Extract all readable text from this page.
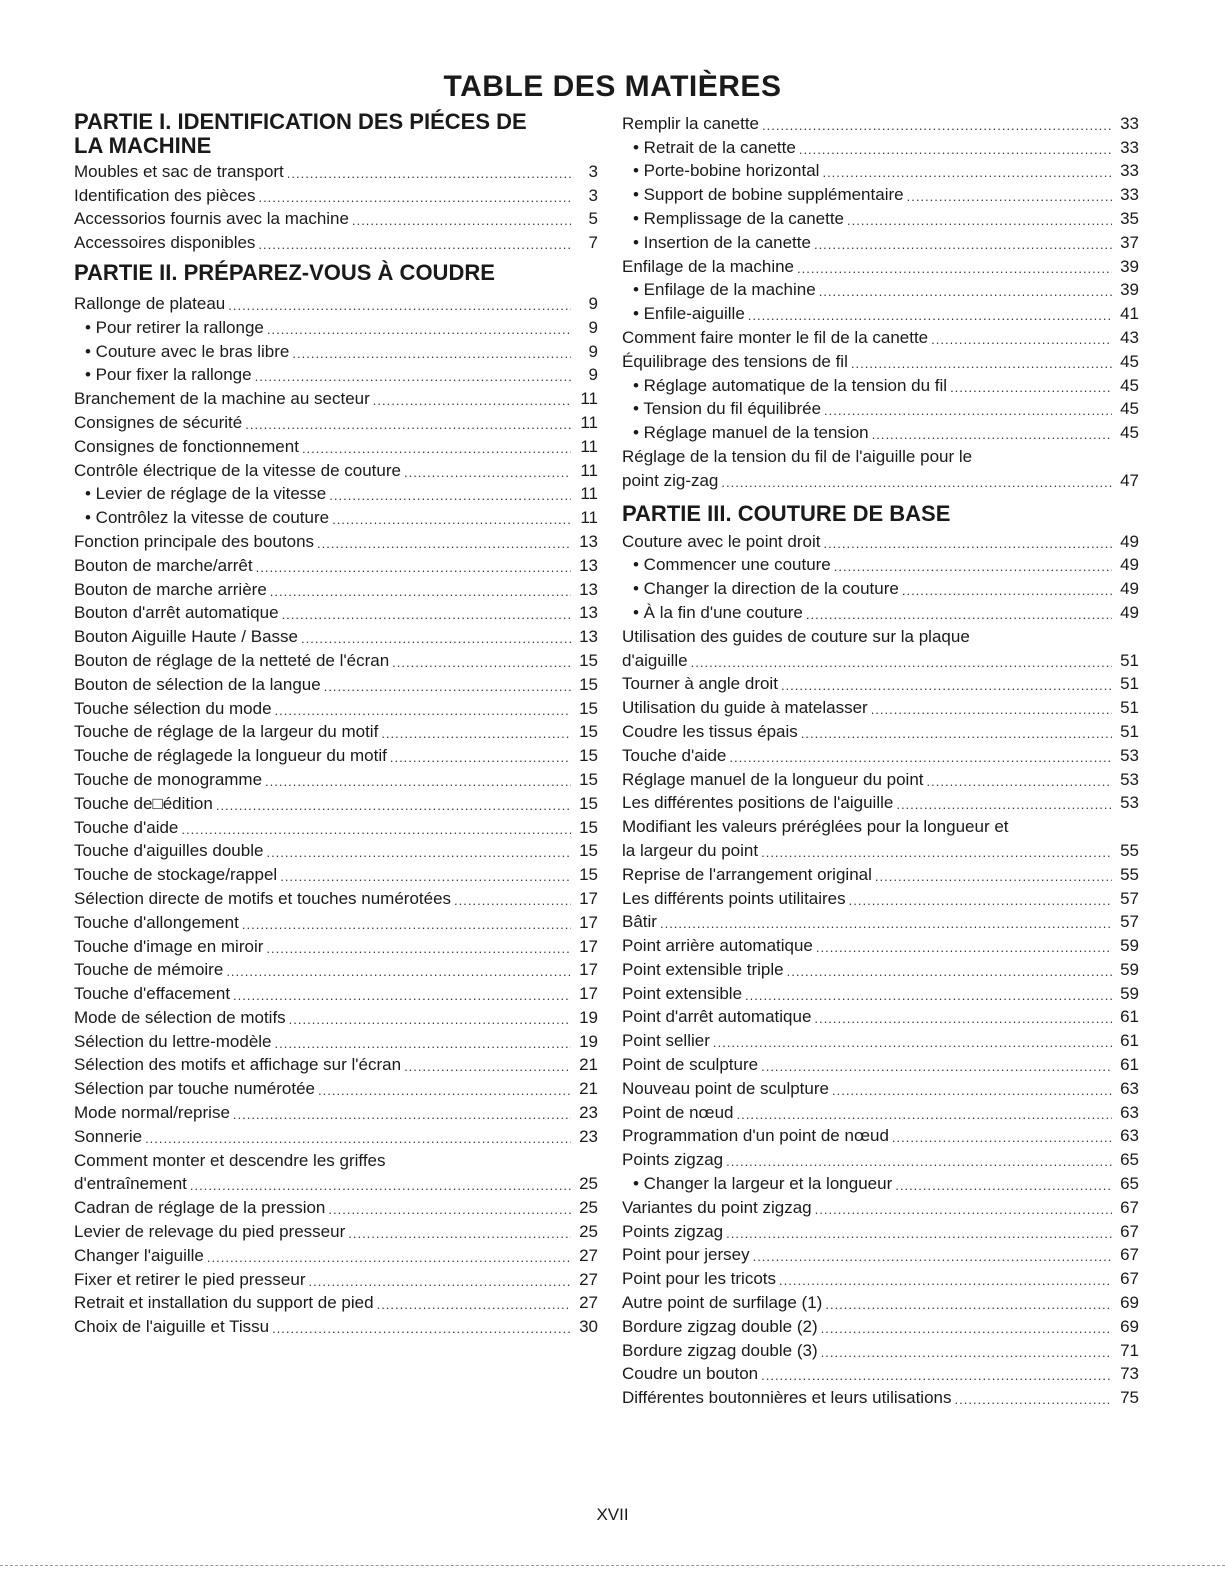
TABLE DES MATIÈRES
PARTIE I. IDENTIFICATION DES PIÉCES DE
LA MACHINE
Moubles et sac de transport .....	3
Identification des pièces .....	3
Accessorios fournis avec la machine .....	5
Accessoires disponibles .....	7
PARTIE II. PRÉPAREZ-VOUS À COUDRE
Rallonge de plateau .....	9
• Pour retirer la rallonge .....	9
• Couture avec le bras libre .....	9
• Pour fixer la rallonge .....	9
Branchement de la machine au secteur .....	11
Consignes de sécurité .....	11
Consignes de fonctionnement .....	11
Contrôle électrique de la vitesse de couture .....	11
• Levier de réglage de la vitesse .....	11
• Contrôlez la vitesse de couture .....	11
Fonction principale des boutons .....	13
Bouton de marche/arrêt .....	13
Bouton de marche arrière .....	13
Bouton d'arrêt automatique .....	13
Bouton Aiguille Haute / Basse .....	13
Bouton de réglage de la netteté de l'écran .....	15
Bouton de sélection de la langue .....	15
Touche sélection du mode .....	15
Touche de réglage de la largeur du motif .....	15
Touche de réglagede la longueur du motif .....	15
Touche de monogramme .....	15
Touche de□édition .....	15
Touche d'aide .....	15
Touche d'aiguilles double .....	15
Touche de stockage/rappel .....	15
Sélection directe de motifs et touches numérotées .....	17
Touche d'allongement .....	17
Touche d'image en miroir .....	17
Touche de mémoire .....	17
Touche d'effacement .....	17
Mode de sélection de motifs .....	19
Sélection du lettre-modèle .....	19
Sélection des motifs et affichage sur l'écran .....	21
Sélection par touche numérotée .....	21
Mode normal/reprise .....	23
Sonnerie .....	23
Comment monter et descendre les griffes
d'entraînement .....	25
Cadran de réglage de la pression .....	25
Levier de relevage du pied presseur .....	25
Changer l'aiguille .....	27
Fixer et retirer le pied presseur .....	27
Retrait et installation du support de pied .....	27
Choix de l'aiguille et Tissu .....	30
Remplir la canette .....	33
• Retrait de la canette .....	33
• Porte-bobine horizontal .....	33
• Support de bobine supplémentaire .....	33
• Remplissage de la canette .....	35
• Insertion de la canette .....	37
Enfilage de la machine .....	39
• Enfilage de la machine .....	39
• Enfile-aiguille .....	41
Comment faire monter le fil de la canette .....	43
Équilibrage des tensions de fil .....	45
• Réglage automatique de la tension du fil .....	45
• Tension du fil équilibrée .....	45
• Réglage manuel de la tension .....	45
Réglage de la tension du fil de l'aiguille pour le
point zig-zag .....	47
PARTIE III. COUTURE DE BASE
Couture avec le point droit .....	49
• Commencer une couture .....	49
• Changer la direction de la couture .....	49
• À la fin d'une couture .....	49
Utilisation des guides de couture sur la plaque
d'aiguille .....	51
Tourner à angle droit .....	51
Utilisation du guide à matelasser .....	51
Coudre les tissus épais .....	51
Touche d'aide .....	53
Réglage manuel de la longueur du point .....	53
Les différentes positions de l'aiguille .....	53
Modifiant les valeurs préréglées pour la longueur et
la largeur du point .....	55
Reprise de l'arrangement original .....	55
Les différents points utilitaires .....	57
Bâtir .....	57
Point arrière automatique .....	59
Point extensible triple .....	59
Point extensible .....	59
Point d'arrêt automatique .....	61
Point sellier .....	61
Point de sculpture .....	61
Nouveau point de sculpture .....	63
Point de nœud .....	63
Programmation d'un point de nœud .....	63
Points zigzag .....	65
• Changer la largeur et la longueur .....	65
Variantes du point zigzag .....	67
Points zigzag .....	67
Point pour jersey .....	67
Point pour les tricots .....	67
Autre point de surfilage (1) .....	69
Bordure zigzag double (2) .....	69
Bordure zigzag double (3) .....	71
Coudre un bouton .....	73
Différentes boutonnières et leurs utilisations .....	75
XVII
